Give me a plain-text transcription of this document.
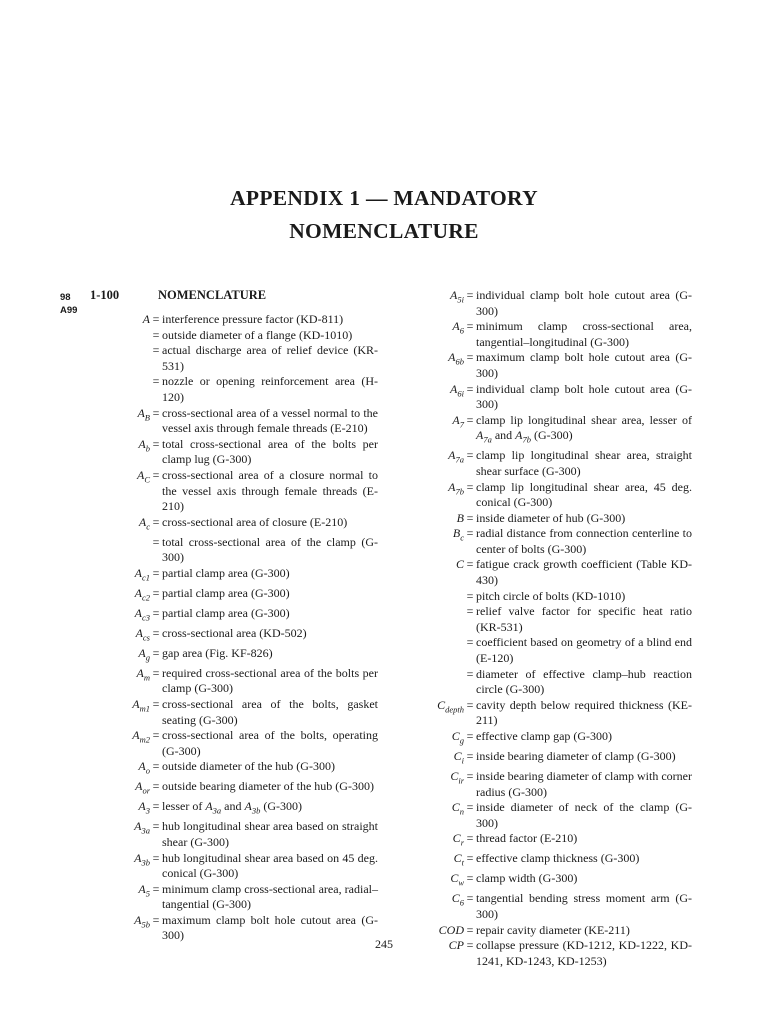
APPENDIX 1 — MANDATORY
NOMENCLATURE
98
A99
1-100	NOMENCLATURE
A = interference pressure factor (KD-811)
= outside diameter of a flange (KD-1010)
= actual discharge area of relief device (KR-531)
= nozzle or opening reinforcement area (H-120)
$A_B$ = cross-sectional area of a vessel normal to the vessel axis through female threads (E-210)
$A_b$ = total cross-sectional area of the bolts per clamp lug (G-300)
$A_C$ = cross-sectional area of a closure normal to the vessel axis through female threads (E-210)
$A_c$ = cross-sectional area of closure (E-210)
= total cross-sectional area of the clamp (G-300)
$A_{c1}$ = partial clamp area (G-300)
$A_{c2}$ = partial clamp area (G-300)
$A_{c3}$ = partial clamp area (G-300)
$A_{cs}$ = cross-sectional area (KD-502)
$A_g$ = gap area (Fig. KF-826)
$A_m$ = required cross-sectional area of the bolts per clamp (G-300)
$A_{m1}$ = cross-sectional area of the bolts, gasket seating (G-300)
$A_{m2}$ = cross-sectional area of the bolts, operating (G-300)
$A_o$ = outside diameter of the hub (G-300)
$A_{or}$ = outside bearing diameter of the hub (G-300)
$A_3$ = lesser of $A_{3a}$ and $A_{3b}$ (G-300)
$A_{3a}$ = hub longitudinal shear area based on straight shear (G-300)
$A_{3b}$ = hub longitudinal shear area based on 45 deg. conical (G-300)
$A_5$ = minimum clamp cross-sectional area, radial–tangential (G-300)
$A_{5b}$ = maximum clamp bolt hole cutout area (G-300)
$A_{5i}$ = individual clamp bolt hole cutout area (G-300)
$A_6$ = minimum clamp cross-sectional area, tangential–longitudinal (G-300)
$A_{6b}$ = maximum clamp bolt hole cutout area (G-300)
$A_{6i}$ = individual clamp bolt hole cutout area (G-300)
$A_7$ = clamp lip longitudinal shear area, lesser of $A_{7a}$ and $A_{7b}$ (G-300)
$A_{7a}$ = clamp lip longitudinal shear area, straight shear surface (G-300)
$A_{7b}$ = clamp lip longitudinal shear area, 45 deg. conical (G-300)
B = inside diameter of hub (G-300)
$B_c$ = radial distance from connection centerline to center of bolts (G-300)
C = fatigue crack growth coefficient (Table KD-430)
= pitch circle of bolts (KD-1010)
= relief valve factor for specific heat ratio (KR-531)
= coefficient based on geometry of a blind end (E-120)
= diameter of effective clamp–hub reaction circle (G-300)
$C_{depth}$ = cavity depth below required thickness (KE-211)
$C_g$ = effective clamp gap (G-300)
$C_i$ = inside bearing diameter of clamp (G-300)
$C_{ir}$ = inside bearing diameter of clamp with corner radius (G-300)
$C_n$ = inside diameter of neck of the clamp (G-300)
$C_r$ = thread factor (E-210)
$C_t$ = effective clamp thickness (G-300)
$C_w$ = clamp width (G-300)
$C_6$ = tangential bending stress moment arm (G-300)
COD = repair cavity diameter (KE-211)
CP = collapse pressure (KD-1212, KD-1222, KD-1241, KD-1243, KD-1253)
245
